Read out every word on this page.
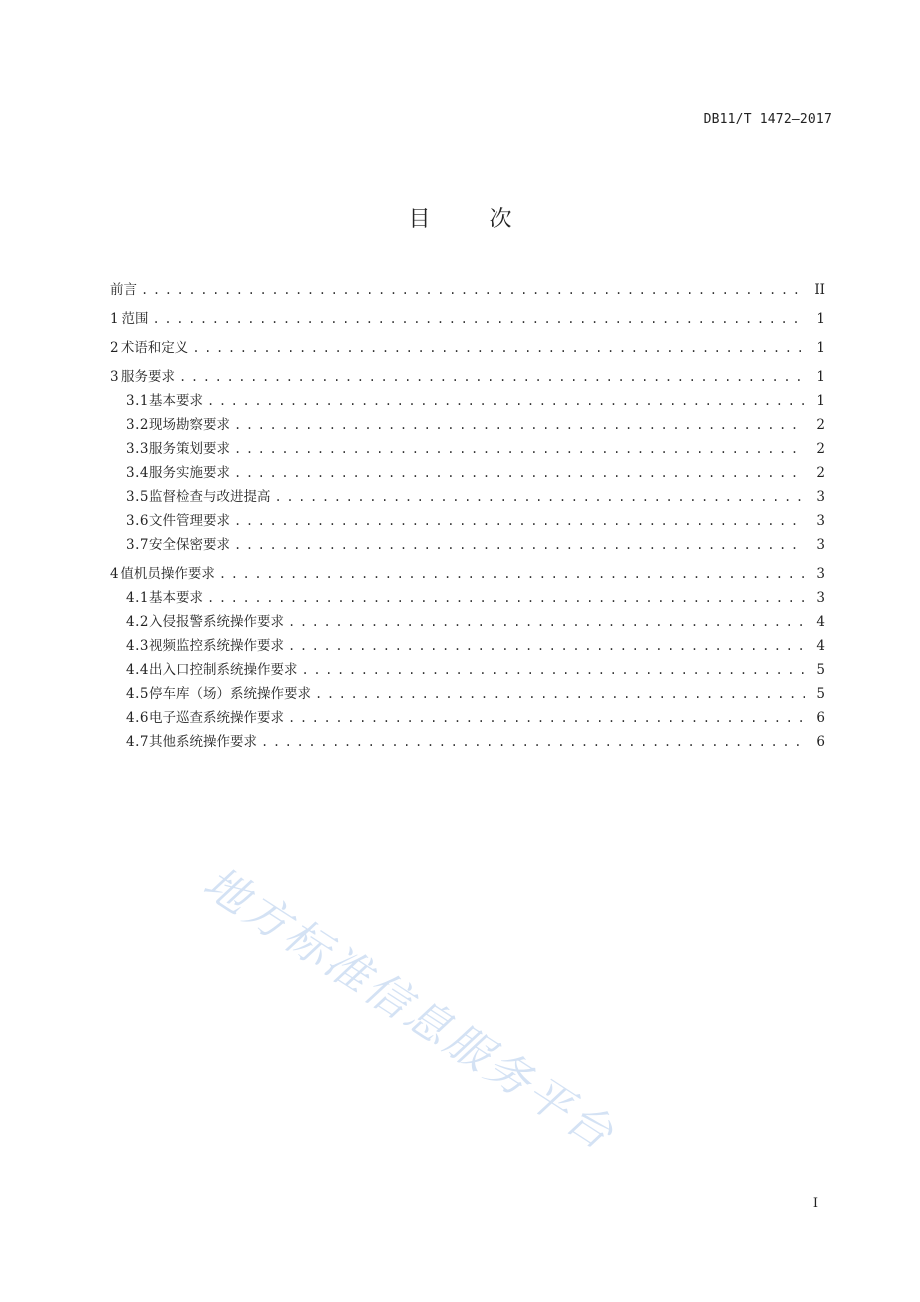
DB11/T 1472—2017
目 次
前言 . . .	II
1 范围 . . .	1
2 术语和定义 . . .	1
3 服务要求 . . .	1
3.1 基本要求 . . .	1
3.2 现场勘察要求 . . .	2
3.3 服务策划要求 . . .	2
3.4 服务实施要求 . . .	2
3.5 监督检查与改进提高 . . .	3
3.6 文件管理要求 . . .	3
3.7 安全保密要求 . . .	3
4 值机员操作要求 . . .	3
4.1 基本要求 . . .	3
4.2 入侵报警系统操作要求 . . .	4
4.3 视频监控系统操作要求 . . .	4
4.4 出入口控制系统操作要求 . . .	5
4.5 停车库（场）系统操作要求 . . .	5
4.6 电子巡查系统操作要求 . . .	6
4.7 其他系统操作要求 . . .	6
地方标准信息服务平台
I
